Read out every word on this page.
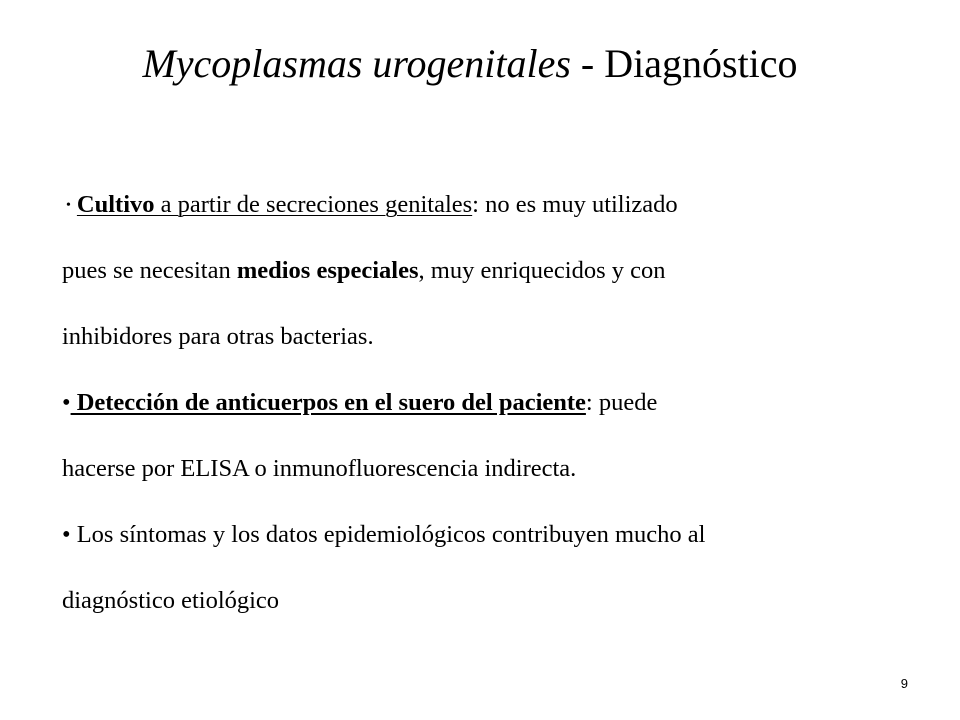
Mycoplasmas urogenitales - Diagnóstico
• Cultivo a partir de secreciones genitales: no es muy utilizado
pues se necesitan medios especiales, muy enriquecidos y con
inhibidores para otras bacterias.
• Detección de anticuerpos en el suero del paciente: puede
hacerse por ELISA o inmunofluorescencia indirecta.
• Los síntomas y los datos epidemiológicos contribuyen mucho al
diagnóstico etiológico
9
